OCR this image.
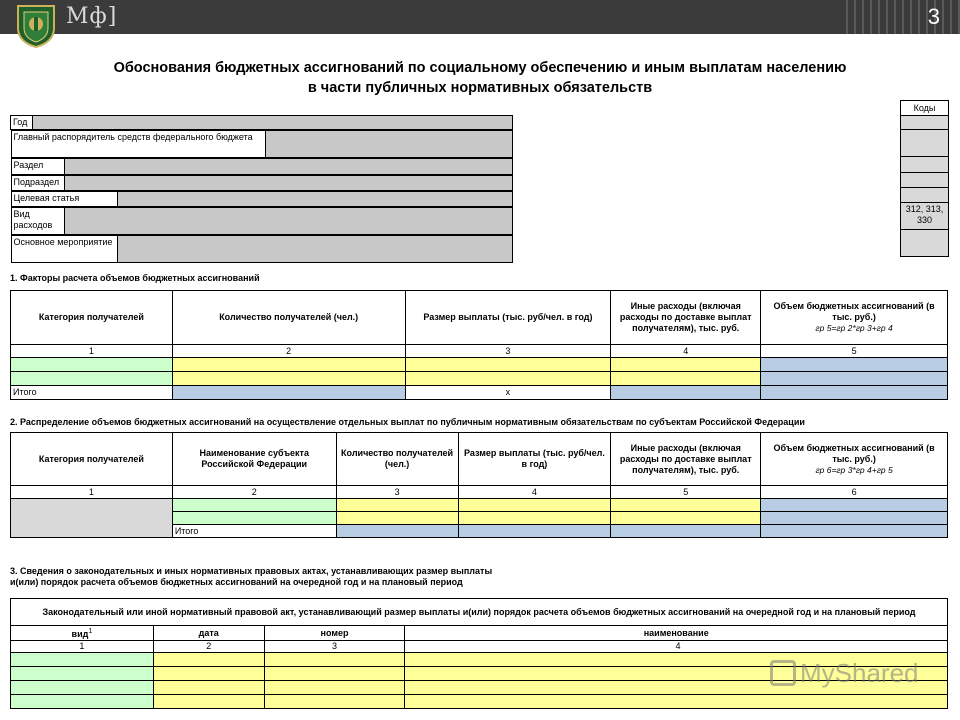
Мф]	3
Обоснования бюджетных ассигнований по социальному обеспечению и иным выплатам населению
в части публичных нормативных обязательств
Коды

312, 313, 330

Год	

Главный распорядитель средств федерального бюджета	

Раздел	

Подраздел	

Целевая статья	

Вид расходов	

Основное мероприятие	
1. Факторы расчета объемов бюджетных ассигнований
Категория получателей	Количество получателей (чел.)	Размер выплаты (тыс. руб/чел. в год)	Иные расходы (включая расходы по доставке выплат получателям), тыс. руб.	Объем бюджетных ассигнований (в тыс. руб.)
гр 5=гр 2*гр 3+гр 4
1	2	3	4	5

Итого		х		
2. Распределение объемов бюджетных ассигнований на осуществление отдельных выплат по публичным нормативным обязательствам по субъектам Российской Федерации
Категория получателей	Наименование субъекта Российской Федерации	Количество получателей (чел.)	Размер выплаты (тыс. руб/чел. в год)	Иные расходы (включая расходы по доставке выплат получателям), тыс. руб.	Объем бюджетных ассигнований (в тыс. руб.)
гр 6=гр 3*гр 4+гр 5
1	2	3	4	5	6

	Итого				
3. Сведения о законодательных и иных нормативных правовых актах, устанавливающих размер выплаты
и(или) порядок расчета объемов бюджетных ассигнований на очередной год и на плановый период
Законодательный или иной нормативный правовой акт, устанавливающий размер выплаты и(или) порядок расчета объемов бюджетных ассигнований на очередной год и на плановый период			
вид$^1$	дата	номер	наименование
1	2	3	4

MyShared
